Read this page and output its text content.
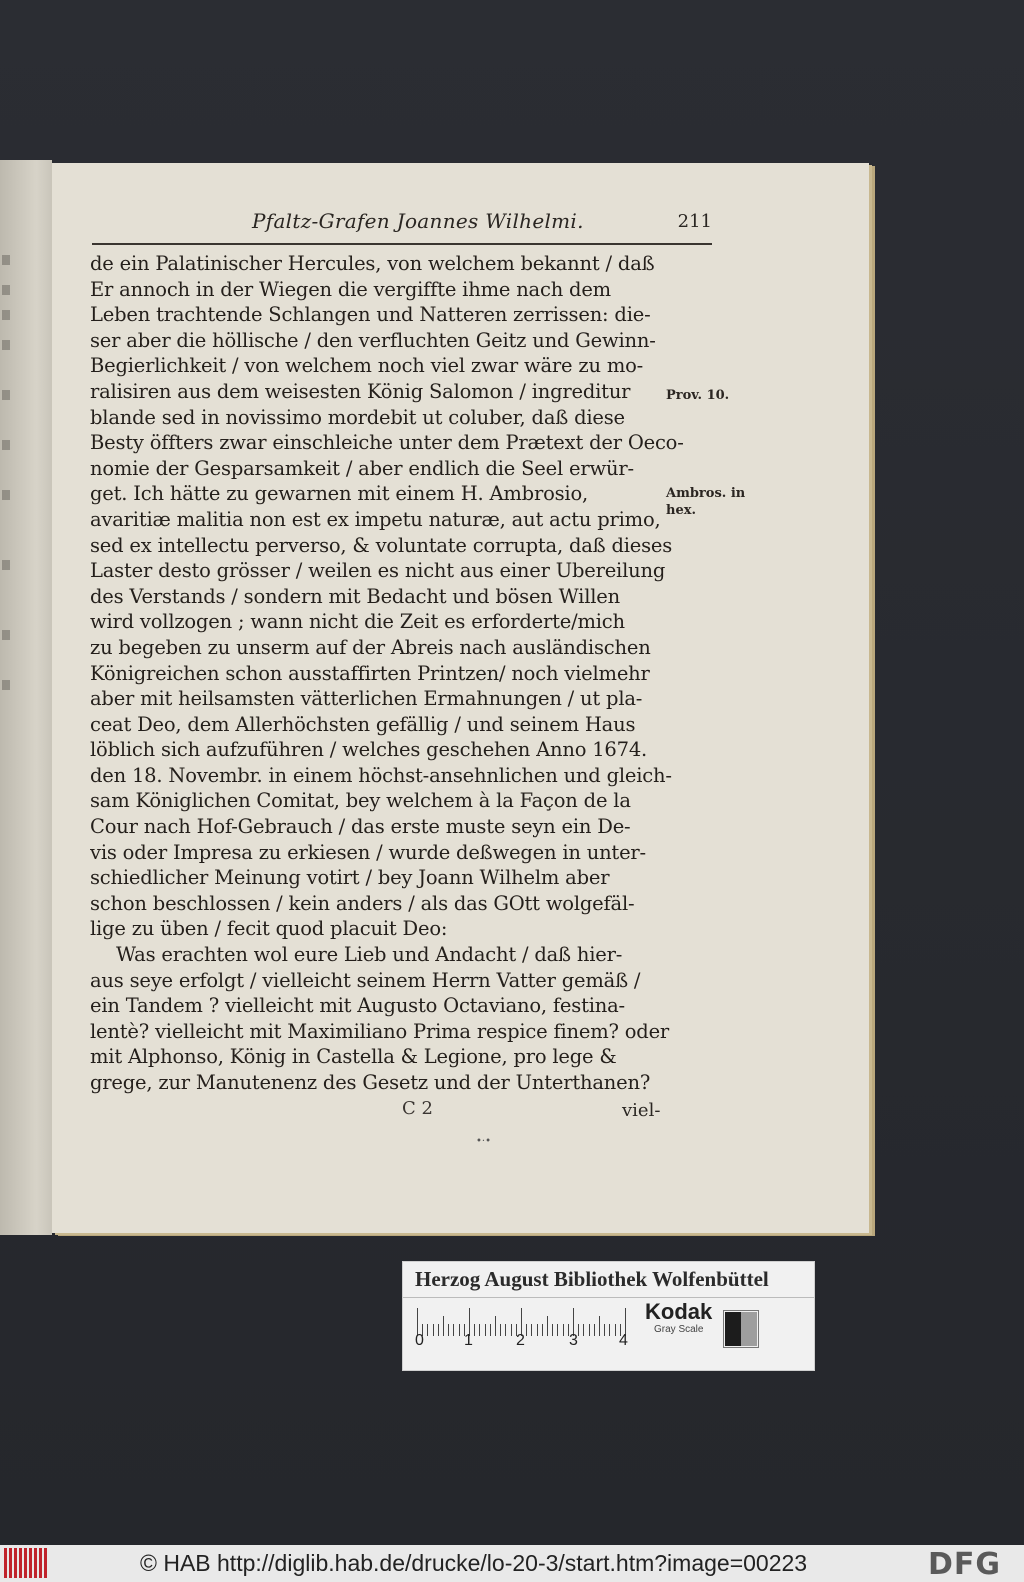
Pfaltz-Grafen Joannes Wilhelmi.	211
de ein Palatinischer Hercules, von welchem bekannt / daß
Er annoch in der Wiegen die vergiffte ihme nach dem
Leben trachtende Schlangen und Natteren zerrissen: die-
ser aber die höllische / den verfluchten Geitz und Gewinn-
Begierlichkeit / von welchem noch viel zwar wäre zu mo-
ralisiren aus dem weisesten König Salomon / ingreditur
blande sed in novissimo mordebit ut coluber, daß diese
Besty öffters zwar einschleiche unter dem Prætext der Oeco-
nomie der Gesparsamkeit / aber endlich die Seel erwür-
get. Ich hätte zu gewarnen mit einem H. Ambrosio,
avaritiæ malitia non est ex impetu naturæ, aut actu primo,
sed ex intellectu perverso, & voluntate corrupta, daß dieses
Laster desto grösser / weilen es nicht aus einer Ubereilung
des Verstands / sondern mit Bedacht und bösen Willen
wird vollzogen ; wann nicht die Zeit es erforderte/mich
zu begeben zu unserm auf der Abreis nach ausländischen
Königreichen schon ausstaffirten Printzen/ noch vielmehr
aber mit heilsamsten vätterlichen Ermahnungen / ut pla-
ceat Deo, dem Allerhöchsten gefällig / und seinem Haus
löblich sich aufzuführen / welches geschehen Anno 1674.
den 18. Novembr. in einem höchst-ansehnlichen und gleich-
sam Königlichen Comitat, bey welchem à la Façon de la
Cour nach Hof-Gebrauch / das erste muste seyn ein De-
vis oder Impresa zu erkiesen / wurde deßwegen in unter-
schiedlicher Meinung votirt / bey Joann Wilhelm aber
schon beschlossen / kein anders / als das GOtt wolgefäl-
lige zu üben / fecit quod placuit Deo:
Was erachten wol eure Lieb und Andacht / daß hier-
aus seye erfolgt / vielleicht seinem Herrn Vatter gemäß /
ein Tandem ? vielleicht mit Augusto Octaviano, festina-
lentè? vielleicht mit Maximiliano Prima respice finem? oder
mit Alphonso, König in Castella & Legione, pro lege &
grege, zur Manutenenz des Gesetz und der Unterthanen?
Prov. 10.
Ambros. in
hex.
C 2	viel-
•·•
Herzog August Bibliothek Wolfenbüttel
0	1	2	3	4
Kodak
Gray Scale
© HAB http://diglib.hab.de/drucke/lo-20-3/start.htm?image=00223	DFG
